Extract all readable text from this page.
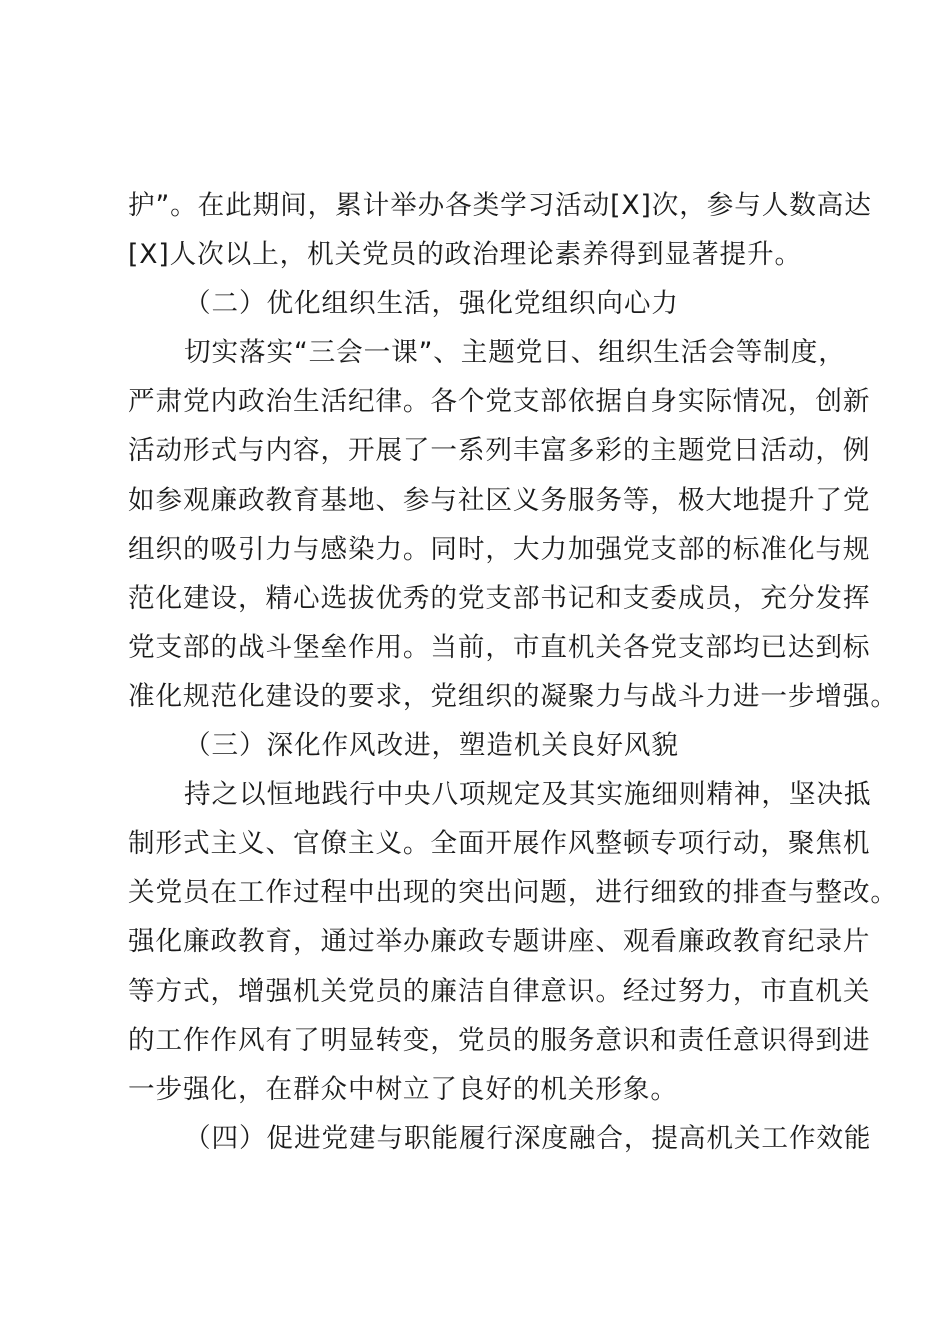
护”。在此期间，累计举办各类学习活动[X]次，参与人数高达
[X]人次以上，机关党员的政治理论素养得到显著提升。
（二）优化组织生活，强化党组织向心力
切实落实“三会一课”、主题党日、组织生活会等制度，
严肃党内政治生活纪律。各个党支部依据自身实际情况，创新
活动形式与内容，开展了一系列丰富多彩的主题党日活动，例
如参观廉政教育基地、参与社区义务服务等，极大地提升了党
组织的吸引力与感染力。同时，大力加强党支部的标准化与规
范化建设，精心选拔优秀的党支部书记和支委成员，充分发挥
党支部的战斗堡垒作用。当前，市直机关各党支部均已达到标
准化规范化建设的要求，党组织的凝聚力与战斗力进一步增强。
（三）深化作风改进，塑造机关良好风貌
持之以恒地践行中央八项规定及其实施细则精神，坚决抵
制形式主义、官僚主义。全面开展作风整顿专项行动，聚焦机
关党员在工作过程中出现的突出问题，进行细致的排查与整改。
强化廉政教育，通过举办廉政专题讲座、观看廉政教育纪录片
等方式，增强机关党员的廉洁自律意识。经过努力，市直机关
的工作作风有了明显转变，党员的服务意识和责任意识得到进
一步强化，在群众中树立了良好的机关形象。
（四）促进党建与职能履行深度融合，提高机关工作效能
